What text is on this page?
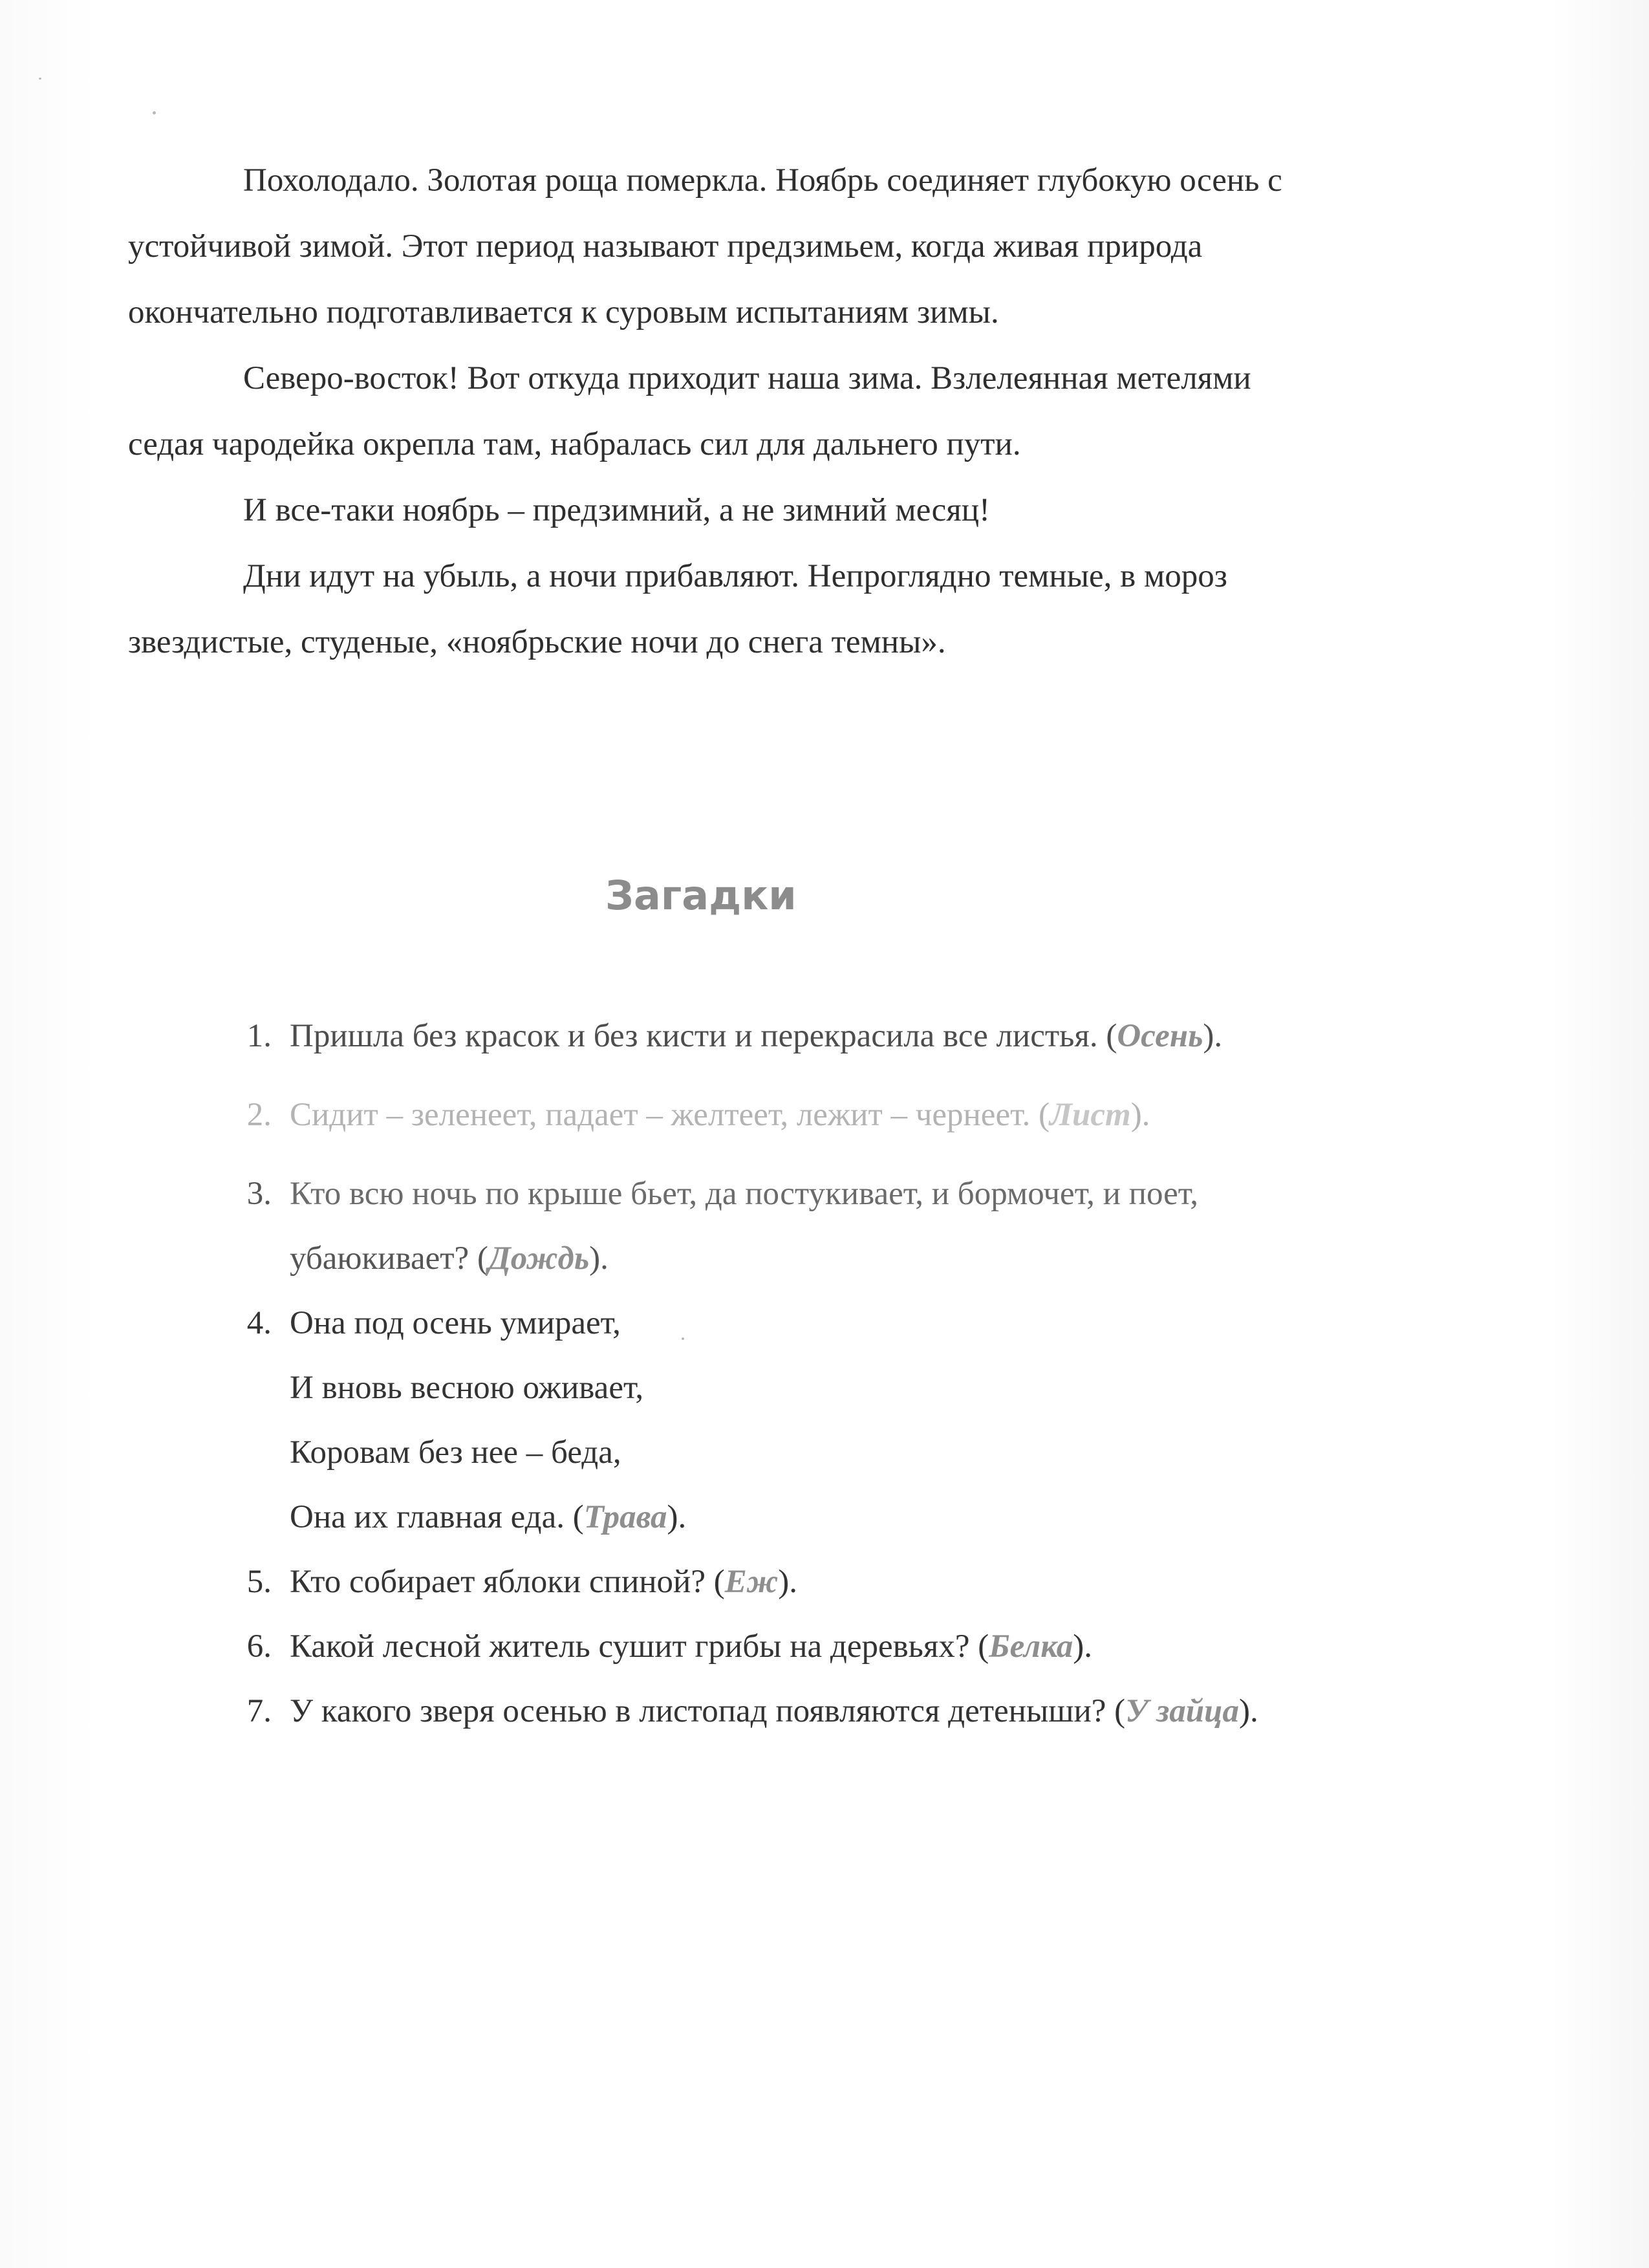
Похолодало. Золотая роща померкла. Ноябрь соединяет глубокую осень с
устойчивой зимой. Этот период называют предзимьем, когда живая природа
окончательно подготавливается к суровым испытаниям зимы.

Северо-восток! Вот откуда приходит наша зима. Взлелеянная метелями
седая чародейка окрепла там, набралась сил для дальнего пути.

И все-таки ноябрь – предзимний, а не зимний месяц!

Дни идут на убыль, а ночи прибавляют. Непроглядно темные, в мороз
звездистые, студеные, «ноябрьские ночи до снега темны».

Загадки
1. Пришла без красок и без кисти и перекрасила все листья. (Осень).
2. Сидит – зеленеет, падает – желтеет, лежит – чернеет. (Лист).
3. Кто всю ночь по крыше бьет, да постукивает, и бормочет, и поет,
убаюкивает? (Дождь).
4. Она под осень умирает,
И вновь весною оживает,
Коровам без нее – беда,
Она их главная еда. (Трава).
5. Кто собирает яблоки спиной? (Еж).
6. Какой лесной житель сушит грибы на деревьях? (Белка).
7. У какого зверя осенью в листопад появляются детеныши? (У зайца).
